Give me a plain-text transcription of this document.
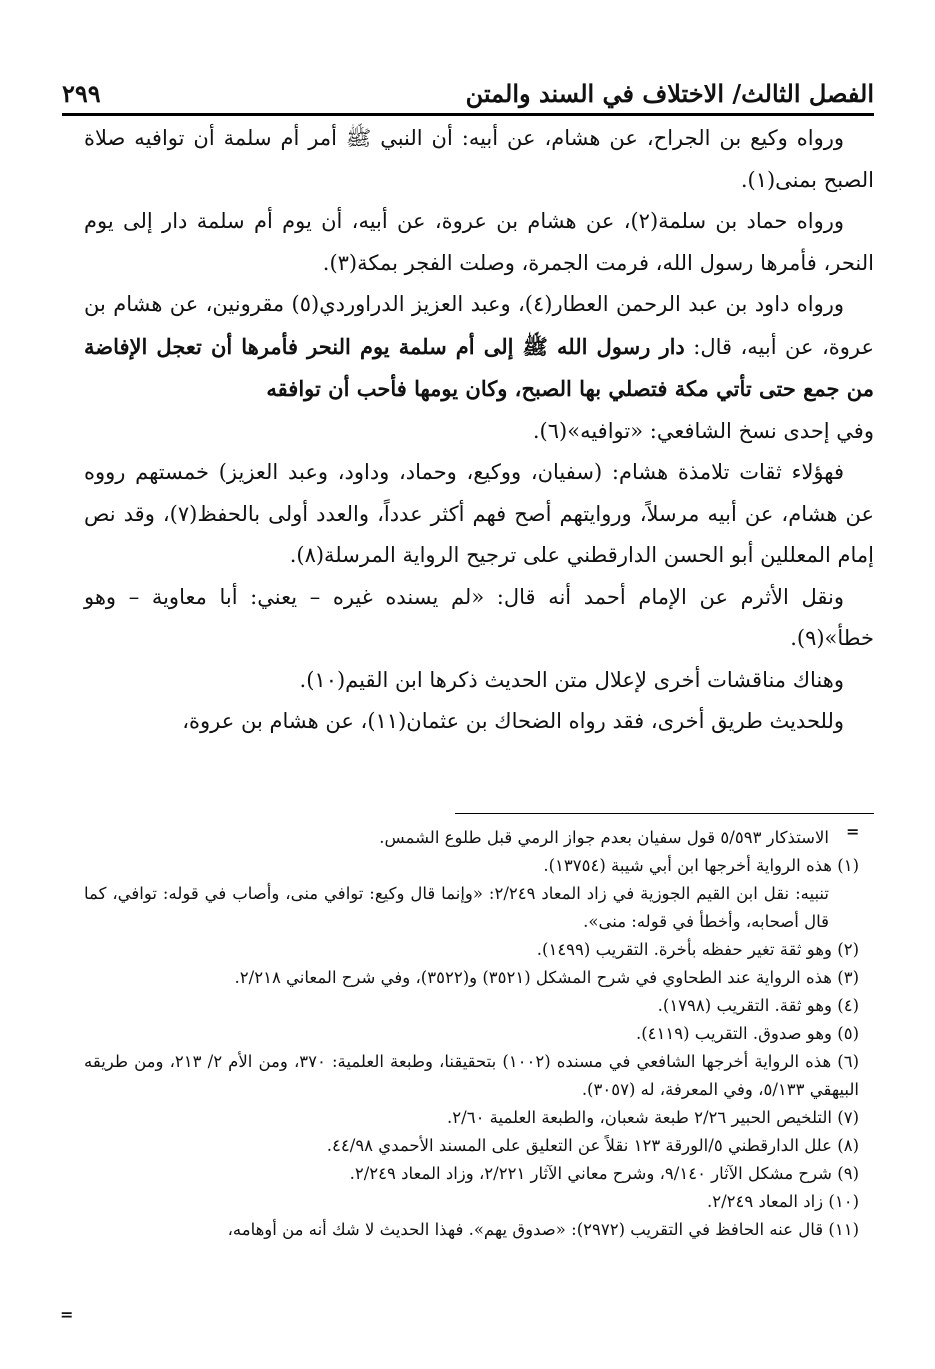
٢٩٩	الفصل الثالث/ الاختلاف في السند والمتن

ورواه وكيع بن الجراح، عن هشام، عن أبيه: أن النبي ﷺ أمر أم سلمة أن توافيه صلاة الصبح بمنى(١).

ورواه حماد بن سلمة(٢)، عن هشام بن عروة، عن أبيه، أن يوم أم سلمة دار إلى يوم النحر، فأمرها رسول الله، فرمت الجمرة، وصلت الفجر بمكة(٣).

ورواه داود بن عبد الرحمن العطار(٤)، وعبد العزيز الدراوردي(٥) مقرونين، عن هشام بن عروة، عن أبيه، قال: دار رسول الله ﷺ إلى أم سلمة يوم النحر فأمرها أن تعجل الإفاضة من جمع حتى تأتي مكة فتصلي بها الصبح، وكان يومها فأحب أن توافقه

وفي إحدى نسخ الشافعي: «توافيه»(٦).

فهؤلاء ثقات تلامذة هشام: (سفيان، ووكيع، وحماد، وداود، وعبد العزيز) خمستهم رووه عن هشام، عن أبيه مرسلاً، وروايتهم أصح فهم أكثر عدداً، والعدد أولى بالحفظ(٧)، وقد نص إمام المعللين أبو الحسن الدارقطني على ترجيح الرواية المرسلة(٨).

ونقل الأثرم عن الإمام أحمد أنه قال: «لم يسنده غيره – يعني: أبا معاوية – وهو خطأ»(٩).

وهناك مناقشات أخرى لإعلال متن الحديث ذكرها ابن القيم(١٠).

وللحديث طريق أخرى، فقد رواه الضحاك بن عثمان(١١)، عن هشام بن عروة،

=

الاستذكار ٥/٥٩٣ قول سفيان بعدم جواز الرمي قبل طلوع الشمس.

(١) هذه الرواية أخرجها ابن أبي شيبة (١٣٧٥٤).

تنبيه: نقل ابن القيم الجوزية في زاد المعاد ٢/٢٤٩: «وإنما قال وكيع: توافي منى، وأصاب في قوله: توافي، كما قال أصحابه، وأخطأ في قوله: منى».

(٢) وهو ثقة تغير حفظه بأخرة. التقريب (١٤٩٩).

(٣) هذه الرواية عند الطحاوي في شرح المشكل (٣٥٢١) و(٣٥٢٢)، وفي شرح المعاني ٢/٢١٨.

(٤) وهو ثقة. التقريب (١٧٩٨).

(٥) وهو صدوق. التقريب (٤١١٩).

(٦) هذه الرواية أخرجها الشافعي في مسنده (١٠٠٢) بتحقيقنا، وطبعة العلمية: ٣٧٠، ومن الأم ٢/ ٢١٣، ومن طريقه البيهقي ٥/١٣٣، وفي المعرفة، له (٣٠٥٧).

(٧) التلخيص الحبير ٢/٢٦ طبعة شعبان، والطبعة العلمية ٢/٦٠.

(٨) علل الدارقطني ٥/الورقة ١٢٣ نقلاً عن التعليق على المسند الأحمدي ٤٤/٩٨.

(٩) شرح مشكل الآثار ٩/١٤٠، وشرح معاني الآثار ٢/٢٢١، وزاد المعاد ٢/٢٤٩.

(١٠) زاد المعاد ٢/٢٤٩.

(١١) قال عنه الحافظ في التقريب (٢٩٧٢): «صدوق يهم». فهذا الحديث لا شك أنه من أوهامه،

=
